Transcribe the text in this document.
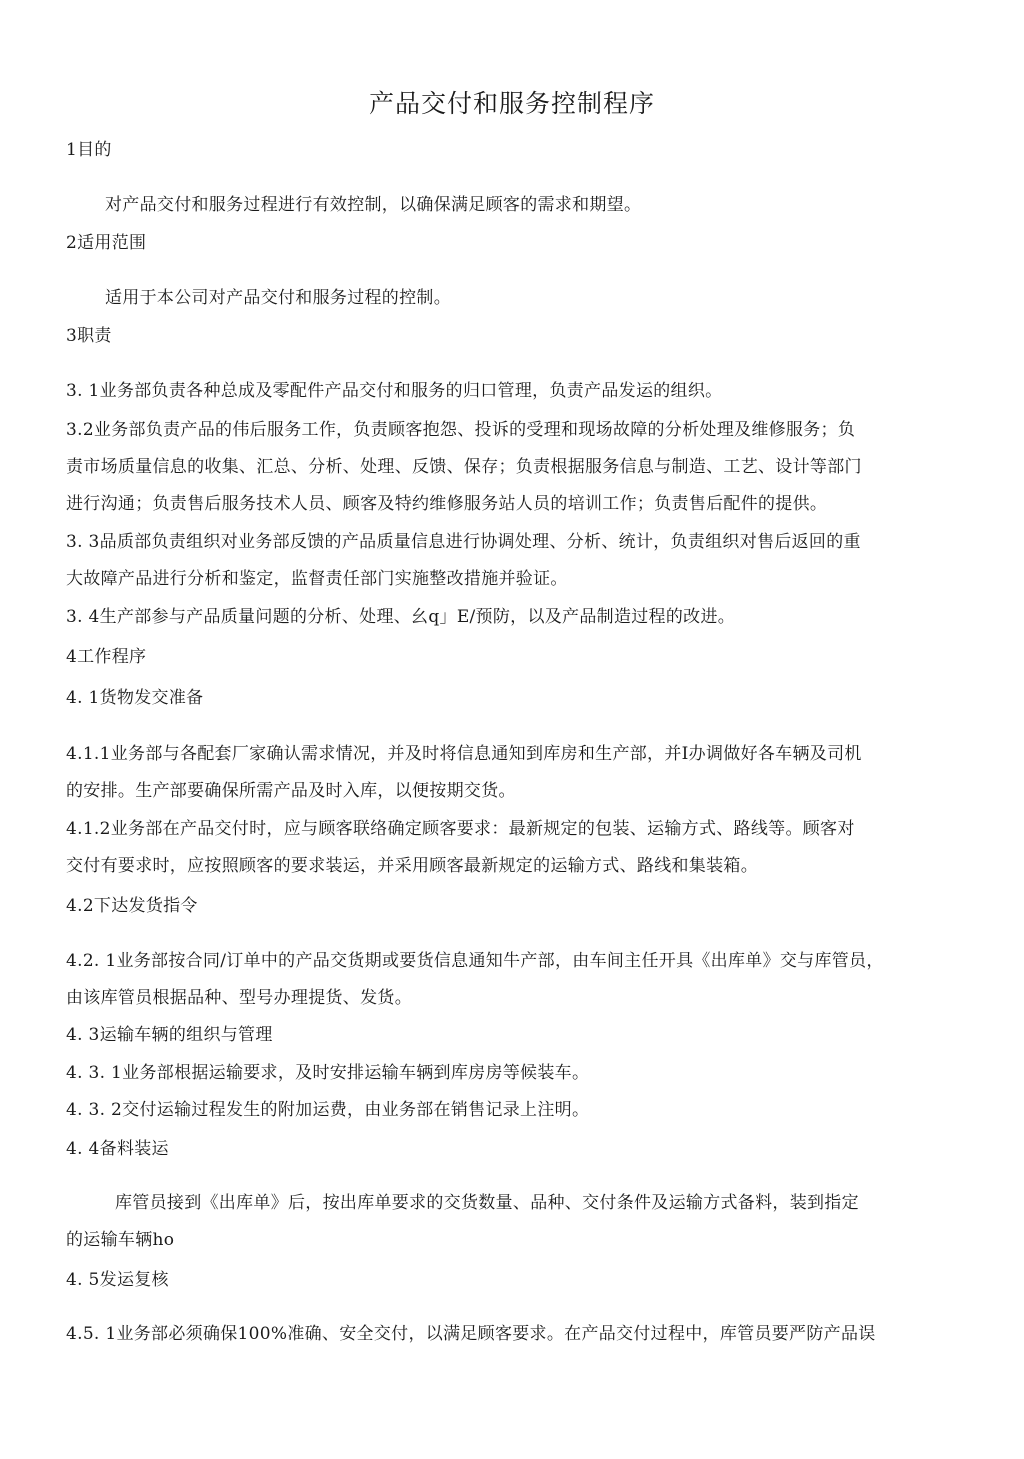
产品交付和服务控制程序

1目的

对产品交付和服务过程进行有效控制，以确保满足顾客的需求和期望。

2适用范围

适用于本公司对产品交付和服务过程的控制。

3职责

3. 1业务部负责各种总成及零配件产品交付和服务的归口管理，负责产品发运的组织。

3.2业务部负责产品的伟后服务工作，负责顾客抱怨、投诉的受理和现场故障的分析处理及维修服务；负

责市场质量信息的收集、汇总、分析、处理、反馈、保存；负责根据服务信息与制造、工艺、设计等部门

进行沟通；负责售后服务技术人员、顾客及特约维修服务站人员的培训工作；负责售后配件的提供。

3. 3品质部负责组织对业务部反馈的产品质量信息进行协调处理、分析、统计，负责组织对售后返回的重

大故障产品进行分析和鉴定，监督责任部门实施整改措施并验证。

3. 4生产部参与产品质量问题的分析、处理、幺q」E/预防，以及产品制造过程的改进。

4工作程序

4. 1货物发交准备

4.1.1业务部与各配套厂家确认需求情况，并及时将信息通知到库房和生产部，并I办调做好各车辆及司机

的安排。生产部要确保所需产品及时入库，以便按期交货。

4.1.2业务部在产品交付时，应与顾客联络确定顾客要求：最新规定的包装、运输方式、路线等。顾客对

交付有要求时，应按照顾客的要求装运，并采用顾客最新规定的运输方式、路线和集装箱。

4.2下达发货指令

4.2. 1业务部按合同/订单中的产品交货期或要货信息通知牛产部，由车间主任开具《出库单》交与库管员，

由该库管员根据品种、型号办理提货、发货。

4. 3运输车辆的组织与管理

4. 3. 1业务部根据运输要求，及时安排运输车辆到库房房等候装车。

4. 3. 2交付运输过程发生的附加运费，由业务部在销售记录上注明。

4. 4备料装运

库管员接到《出库单》后，按出库单要求的交货数量、品种、交付条件及运输方式备料，装到指定

的运输车辆ho

4. 5发运复核

4.5. 1业务部必须确保100%准确、安全交付，以满足顾客要求。在产品交付过程中，库管员要严防产品误
